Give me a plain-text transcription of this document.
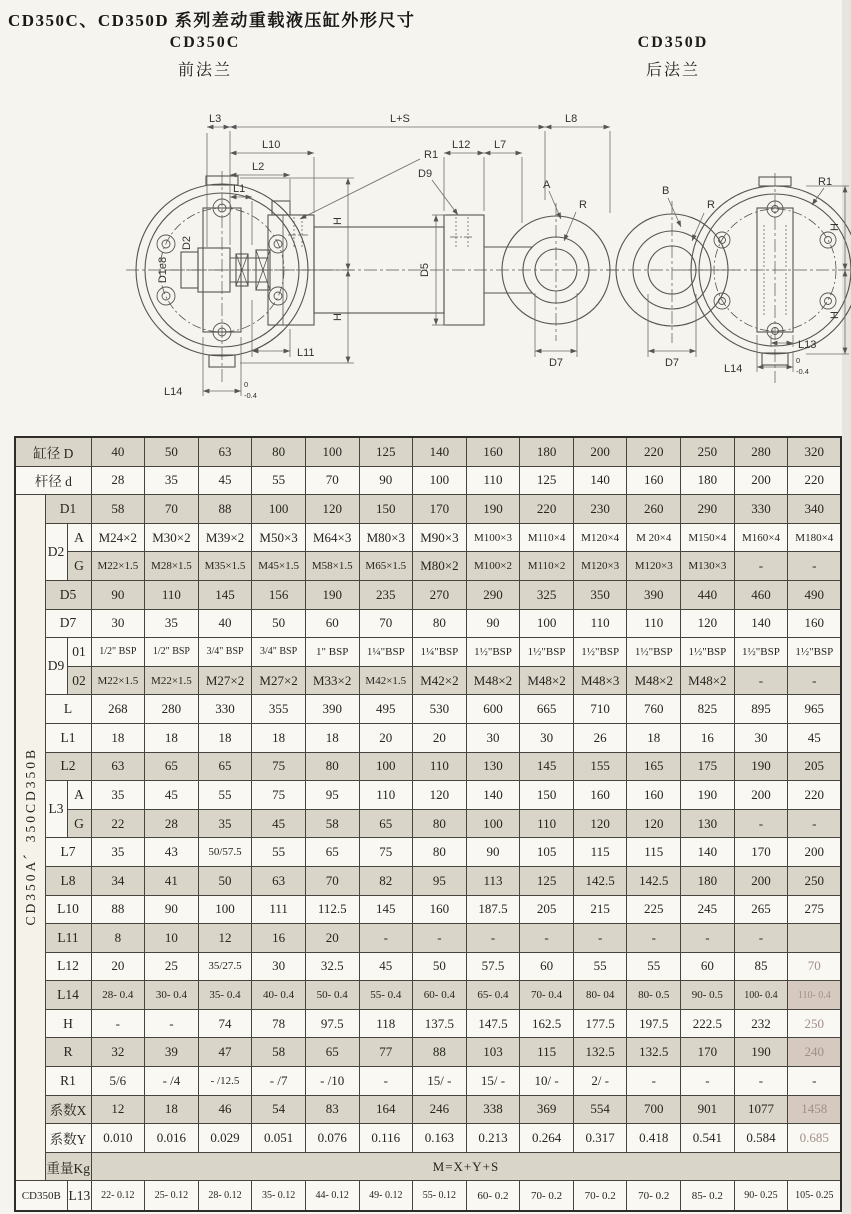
CD350C、CD350D 系列差动重载液压缸外形尺寸
CD350C
前法兰
CD350D
后法兰
R1
H
H
L14
0
-0.4
L3	L+S	L8
L10
L2
L1
D9
L12 L7
A
R
D1e8
D2
D5
D7
L11
B
R
D7
R1
H
H
L13
L14
0
-0.4
缸径 D			40	50	63	80	100	125	140	160	180	200	220	250	280	320
杆径 d			28	35	45	55	70	90	100	110	125	140	160	180	200	220
CD350A、350CD350B	D1		58	70	88	100	120	150	170	190	220	230	260	290	330	340
	D2	A	M24×2	M30×2	M39×2	M50×3	M64×3	M80×3	M90×3	M100×3	M110×4	M120×4	M 20×4	M150×4	M160×4	M180×4
		G	M22×1.5	M28×1.5	M35×1.5	M45×1.5	M58×1.5	M65×1.5	M80×2	M100×2	M110×2	M120×3	M120×3	M130×3	-	-
	D5		90	110	145	156	190	235	270	290	325	350	390	440	460	490
	D7		30	35	40	50	60	70	80	90	100	110	110	120	140	160
	D9	01	1/2" BSP	1/2" BSP	3/4" BSP	3/4" BSP	1" BSP	1¼"BSP	1¼"BSP	1½"BSP	1½"BSP	1½"BSP	1½"BSP	1½"BSP	1½"BSP	1½"BSP
		02	M22×1.5	M22×1.5	M27×2	M27×2	M33×2	M42×1.5	M42×2	M48×2	M48×2	M48×3	M48×2	M48×2	-	-
	L		268	280	330	355	390	495	530	600	665	710	760	825	895	965
	L1		18	18	18	18	18	20	20	30	30	26	18	16	30	45
	L2		63	65	65	75	80	100	110	130	145	155	165	175	190	205
	L3	A	35	45	55	75	95	110	120	140	150	160	160	190	200	220
		G	22	28	35	45	58	65	80	100	110	120	120	130	-	-
	L7		35	43	50/57.5	55	65	75	80	90	105	115	115	140	170	200
	L8		34	41	50	63	70	82	95	113	125	142.5	142.5	180	200	250
	L10		88	90	100	111	112.5	145	160	187.5	205	215	225	245	265	275
	L11		8	10	12	16	20	-	-	-	-	-	-	-	-	
	L12		20	25	35/27.5	30	32.5	45	50	57.5	60	55	55	60	85	70
	L14		28- 0.4	30- 0.4	35- 0.4	40- 0.4	50- 0.4	55- 0.4	60- 0.4	65- 0.4	70- 0.4	80- 04	80- 0.5	90- 0.5	100- 0.4	110- 0.4
	H		-	-	74	78	97.5	118	137.5	147.5	162.5	177.5	197.5	222.5	232	250
	R		32	39	47	58	65	77	88	103	115	132.5	132.5	170	190	240
	R1		5/6	- /4	- /12.5	- /7	- /10	-	15/ -	15/ -	10/ -	2/ -	-	-	-	-
	系数X		12	18	46	54	83	164	246	338	369	554	700	901	1077	1458
	系数Y		0.010	0.016	0.029	0.051	0.076	0.116	0.163	0.213	0.264	0.317	0.418	0.541	0.584	0.685
	重量Kg		M=X+Y+S													
CD350B		L13	22- 0.12	25- 0.12	28- 0.12	35- 0.12	44- 0.12	49- 0.12	55- 0.12	60- 0.2	70- 0.2	70- 0.2	70- 0.2	85- 0.2	90- 0.25	105- 0.25
